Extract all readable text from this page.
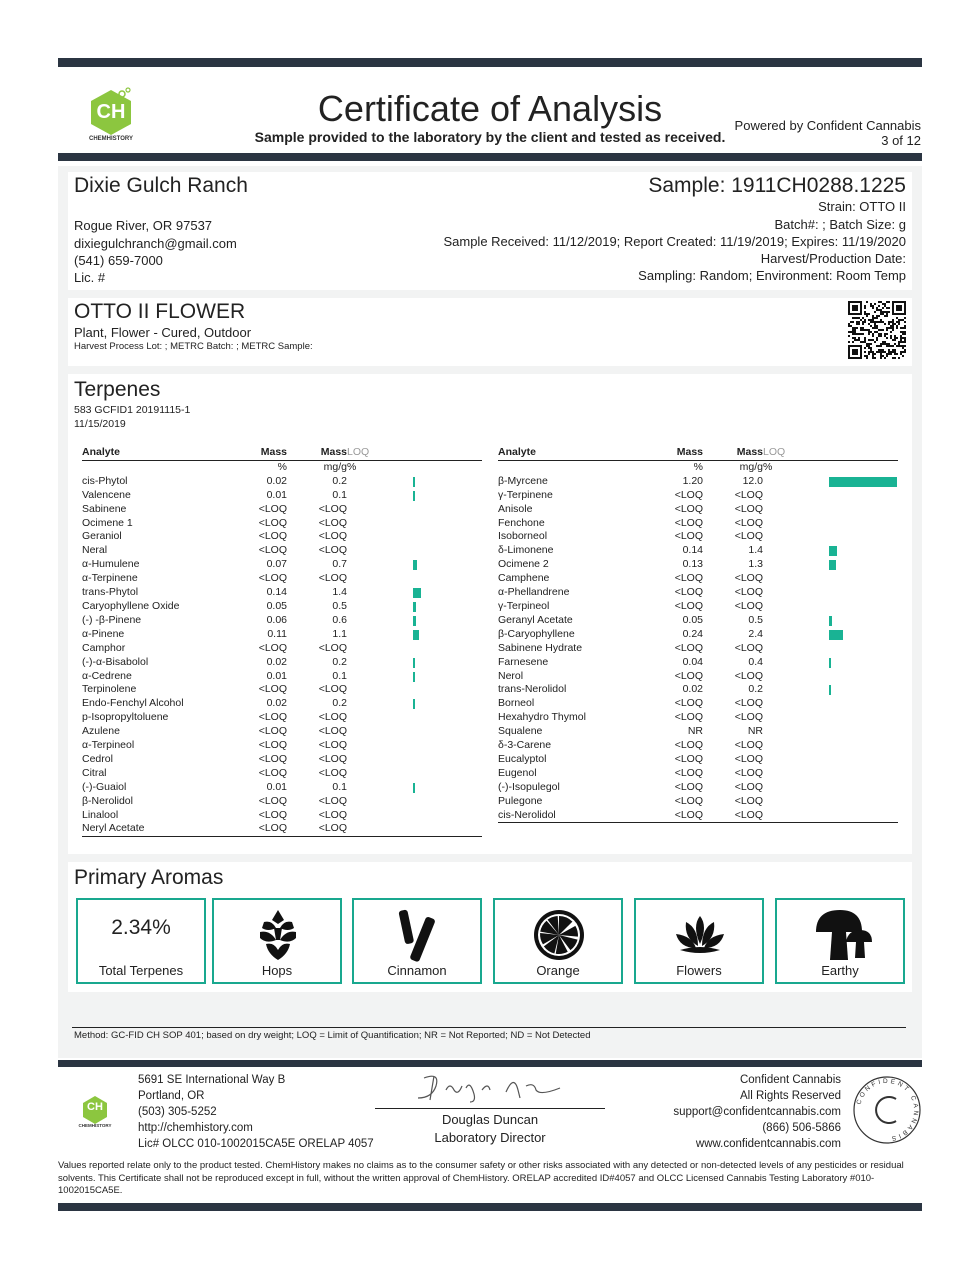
CH
CHEMHISTORY
Certificate of Analysis
Sample provided to the laboratory by the client and tested as received.
Powered by Confident Cannabis
3 of 12
Dixie Gulch Ranch
Rogue River, OR 97537
dixiegulchranch@gmail.com
(541) 659-7000
Lic. #
Sample: 1911CH0288.1225
Strain: OTTO II
Batch#: ; Batch Size: g
Sample Received: 11/12/2019; Report Created: 11/19/2019; Expires: 11/19/2020
Harvest/Production Date:
Sampling: Random; Environment: Room Temp
OTTO II FLOWER
Plant, Flower - Cured, Outdoor
Harvest Process Lot: ; METRC Batch: ; METRC Sample:
Terpenes
583 GCFID1 20191115-1
11/15/2019
Analyte	Mass	Mass	LOQ
	%	mg/g	%
cis-Phytol	0.02	0.2	

Valencene	0.01	0.1	

Sabinene	<LOQ	<LOQ	
Ocimene 1	<LOQ	<LOQ	
Geraniol	<LOQ	<LOQ	
Neral	<LOQ	<LOQ	
α-Humulene	0.07	0.7	

α-Terpinene	<LOQ	<LOQ	
trans-Phytol	0.14	1.4	

Caryophyllene Oxide	0.05	0.5	

(-) -β-Pinene	0.06	0.6	

α-Pinene	0.11	1.1	

Camphor	<LOQ	<LOQ	
(-)-α-Bisabolol	0.02	0.2	

α-Cedrene	0.01	0.1	

Terpinolene	<LOQ	<LOQ	
Endo-Fenchyl Alcohol	0.02	0.2	

p-Isopropyltoluene	<LOQ	<LOQ	
Azulene	<LOQ	<LOQ	
α-Terpineol	<LOQ	<LOQ	
Cedrol	<LOQ	<LOQ	
Citral	<LOQ	<LOQ	
(-)-Guaiol	0.01	0.1	

β-Nerolidol	<LOQ	<LOQ	
Linalool	<LOQ	<LOQ	
Neryl Acetate	<LOQ	<LOQ	
Analyte	Mass	Mass	LOQ
	%	mg/g	%
β-Myrcene	1.20	12.0	

γ-Terpinene	<LOQ	<LOQ	
Anisole	<LOQ	<LOQ	
Fenchone	<LOQ	<LOQ	
Isoborneol	<LOQ	<LOQ	
δ-Limonene	0.14	1.4	

Ocimene 2	0.13	1.3	

Camphene	<LOQ	<LOQ	
α-Phellandrene	<LOQ	<LOQ	
γ-Terpineol	<LOQ	<LOQ	
Geranyl Acetate	0.05	0.5	

β-Caryophyllene	0.24	2.4	

Sabinene Hydrate	<LOQ	<LOQ	
Farnesene	0.04	0.4	

Nerol	<LOQ	<LOQ	
trans-Nerolidol	0.02	0.2	

Borneol	<LOQ	<LOQ	
Hexahydro Thymol	<LOQ	<LOQ	
Squalene	NR	NR	
δ-3-Carene	<LOQ	<LOQ	
Eucalyptol	<LOQ	<LOQ	
Eugenol	<LOQ	<LOQ	
(-)-Isopulegol	<LOQ	<LOQ	
Pulegone	<LOQ	<LOQ	
cis-Nerolidol	<LOQ	<LOQ	
Primary Aromas
2.34%
Total Terpenes	Hops	Cinnamon	Orange	Flowers	Earthy
Method: GC-FID CH SOP 401; based on dry weight; LOQ = Limit of Quantification; NR = Not Reported; ND = Not Detected
CH
CHEMHISTORY
5691 SE International Way B
Portland, OR
(503) 305-5252
http://chemhistory.com
Lic# OLCC 010-1002015CA5E ORELAP 4057
Douglas Duncan
Laboratory Director
Confident Cannabis
All Rights Reserved
support@confidentcannabis.com
(866) 506-5866
www.confidentcannabis.com
CONFIDENT CANNABIS
Values reported relate only to the product tested. ChemHistory makes no claims as to the consumer safety or other risks associated with any detected or non-detected levels of any pesticides or residual solvents. This Certificate shall not be reproduced except in full, without the written approval of ChemHistory. ORELAP accredited ID#4057 and OLCC Licensed Cannabis Testing Laboratory #010-1002015CA5E.
